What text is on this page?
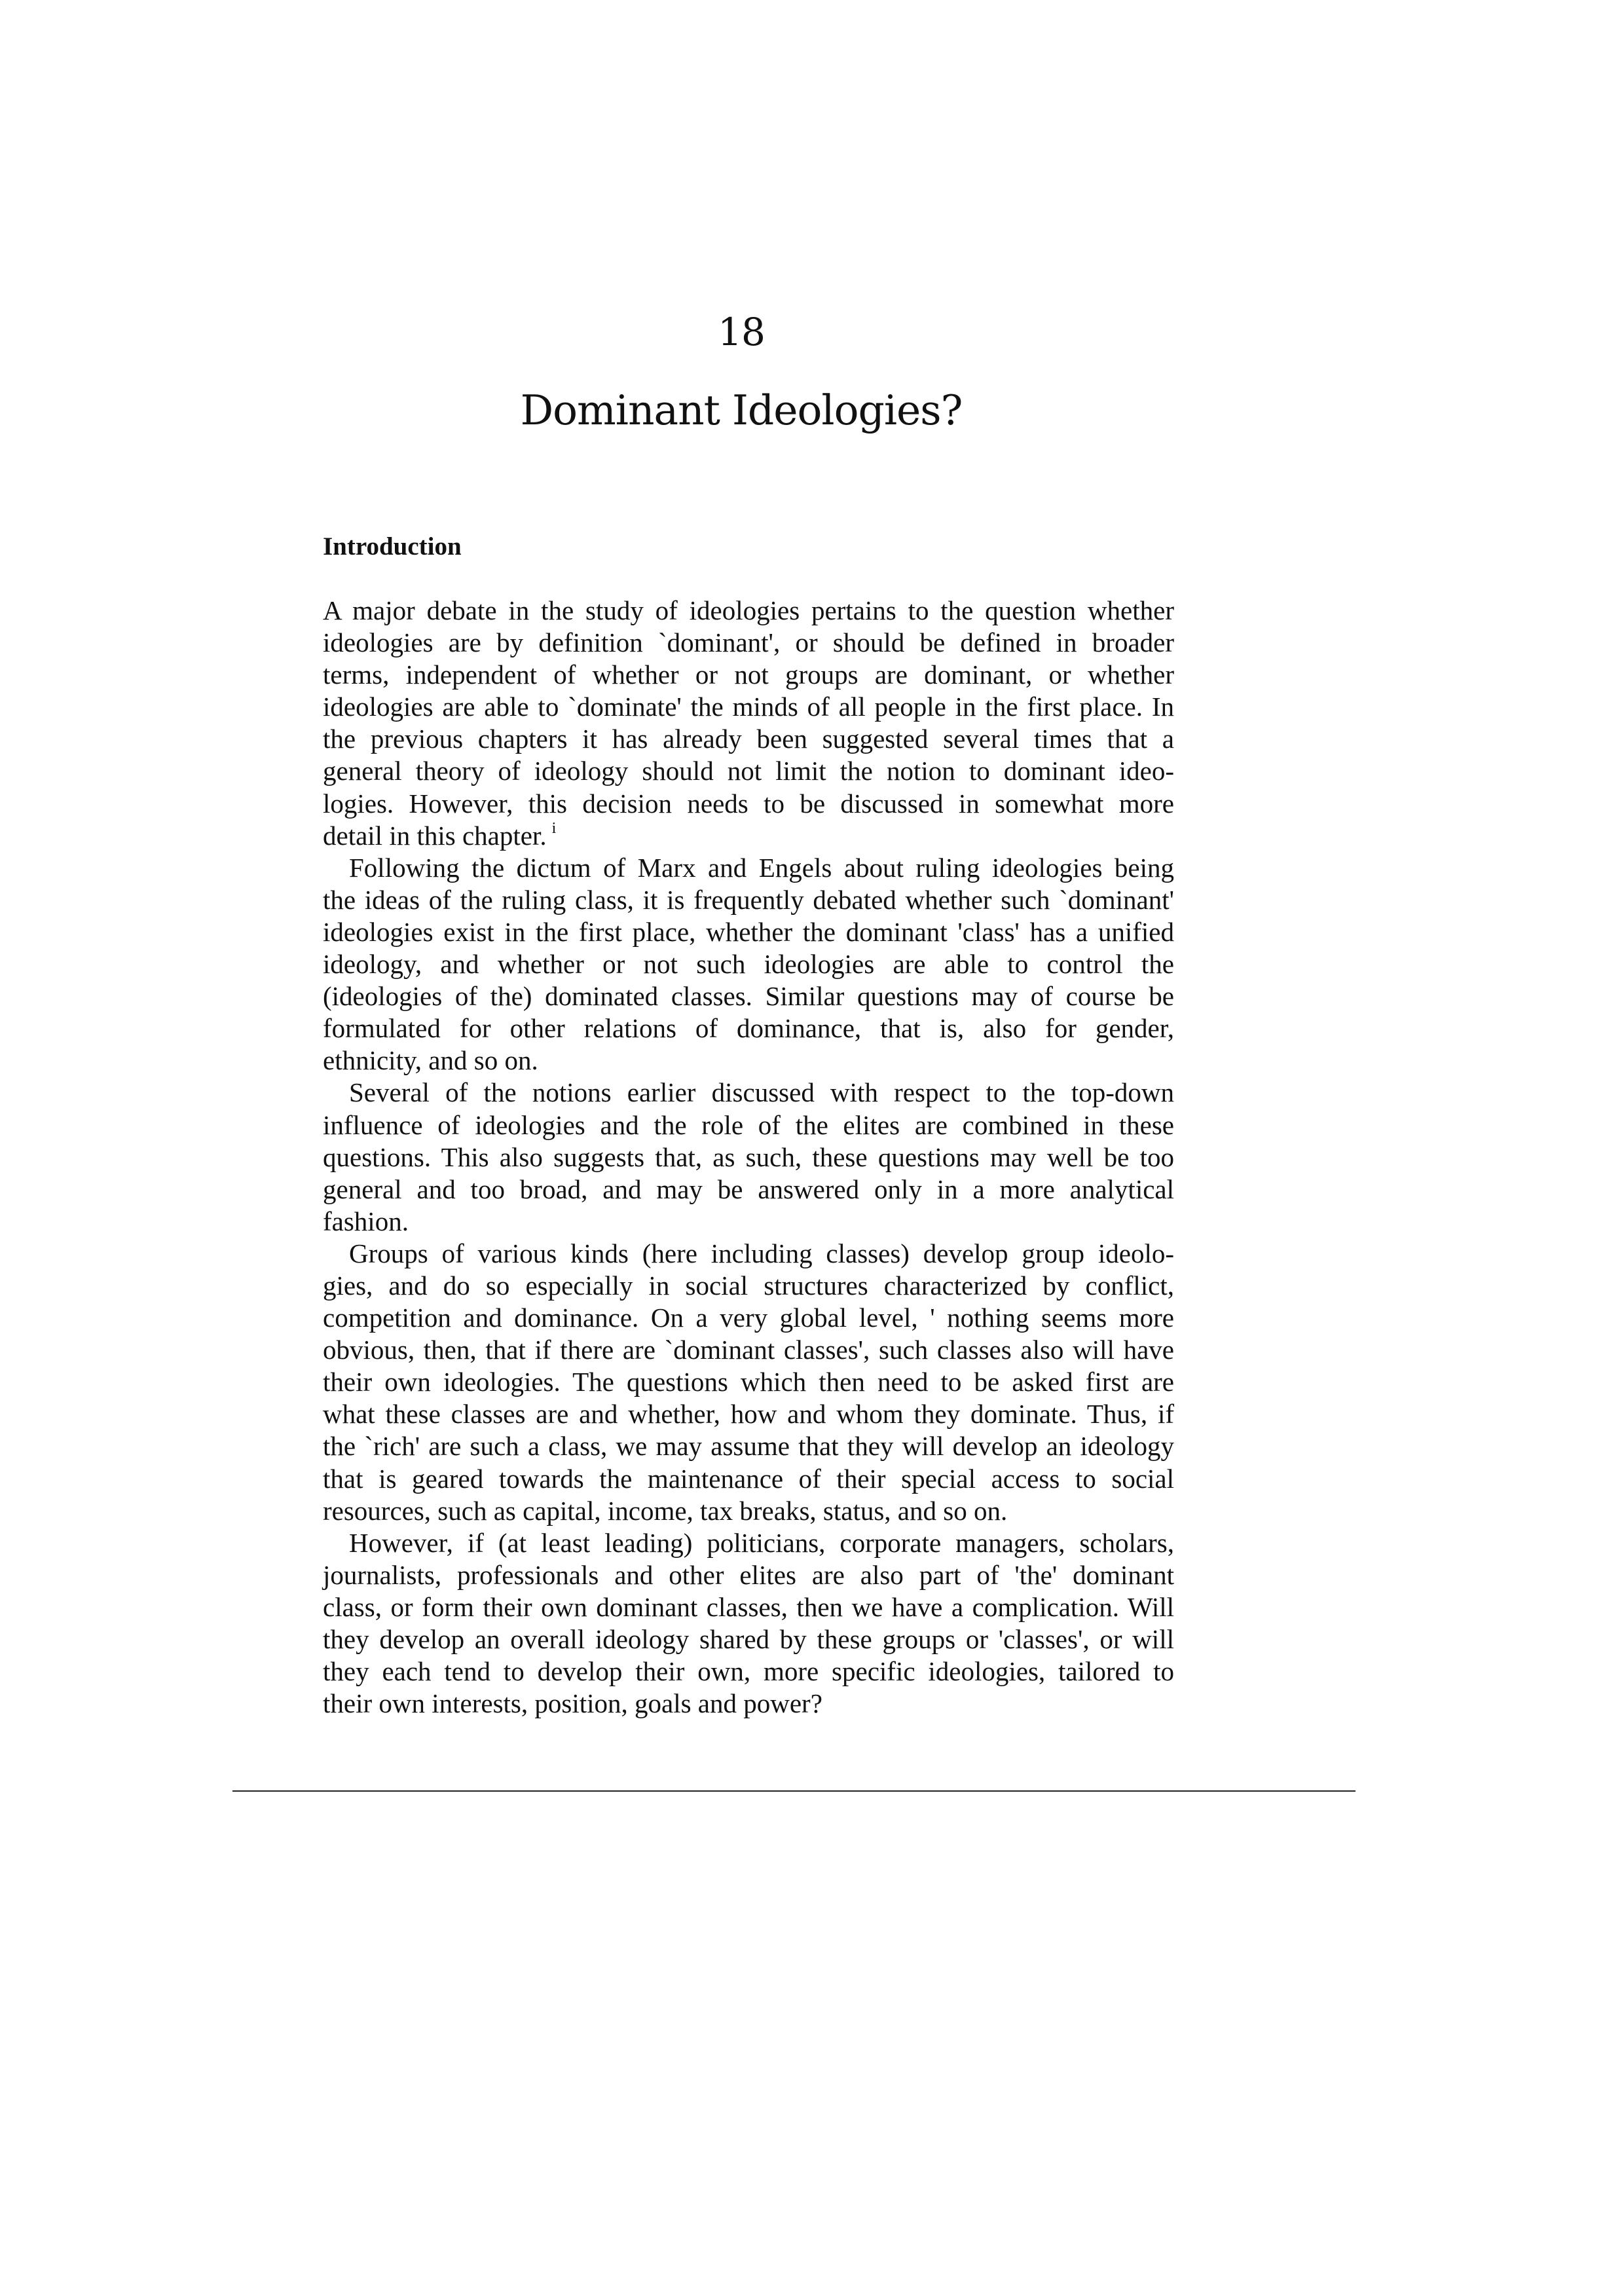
18
Dominant Ideologies?
Introduction
A major debate in the study of ideologies pertains to the question whether
ideologies are by definition `dominant', or should be defined in broader
terms, independent of whether or not groups are dominant, or whether
ideologies are able to `dominate' the minds of all people in the first place. In
the previous chapters it has already been suggested several times that a
general theory of ideology should not limit the notion to dominant ideo-
logies. However, this decision needs to be discussed in somewhat more
detail in this chapter. $^i$
Following the dictum of Marx and Engels about ruling ideologies being
the ideas of the ruling class, it is frequently debated whether such `dominant'
ideologies exist in the first place, whether the dominant 'class' has a unified
ideology, and whether or not such ideologies are able to control the
(ideologies of the) dominated classes. Similar questions may of course be
formulated for other relations of dominance, that is, also for gender,
ethnicity, and so on.
Several of the notions earlier discussed with respect to the top-down
influence of ideologies and the role of the elites are combined in these
questions. This also suggests that, as such, these questions may well be too
general and too broad, and may be answered only in a more analytical
fashion.
Groups of various kinds (here including classes) develop group ideolo-
gies, and do so especially in social structures characterized by conflict,
competition and dominance. On a very global level, ' nothing seems more
obvious, then, that if there are `dominant classes', such classes also will have
their own ideologies. The questions which then need to be asked first are
what these classes are and whether, how and whom they dominate. Thus, if
the `rich' are such a class, we may assume that they will develop an ideology
that is geared towards the maintenance of their special access to social
resources, such as capital, income, tax breaks, status, and so on.
However, if (at least leading) politicians, corporate managers, scholars,
journalists, professionals and other elites are also part of 'the' dominant
class, or form their own dominant classes, then we have a complication. Will
they develop an overall ideology shared by these groups or 'classes', or will
they each tend to develop their own, more specific ideologies, tailored to
their own interests, position, goals and power?
